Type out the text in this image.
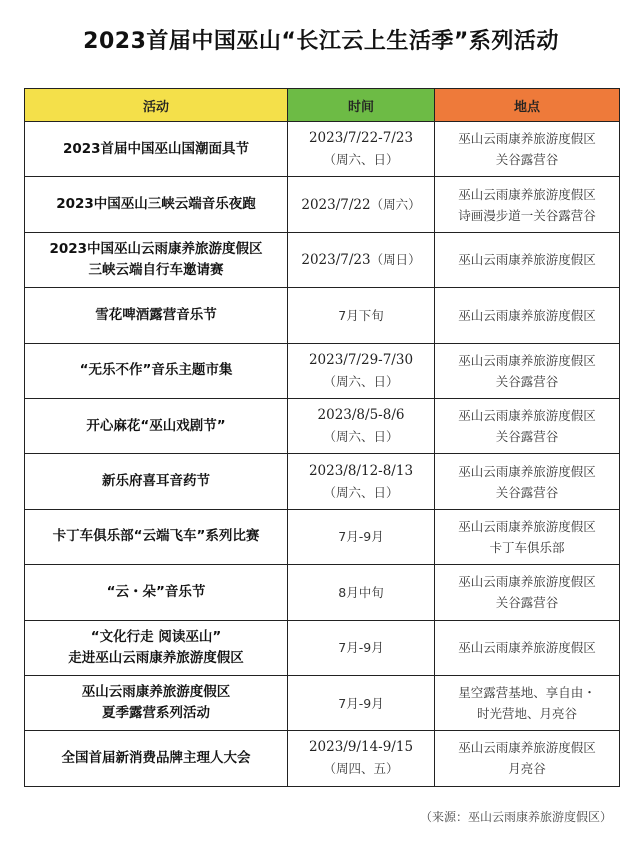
2023首届中国巫山“长江云上生活季”系列活动
活动	时间	地点

2023首届中国巫山国潮面具节	2023/7/22-7/23
（周六、日）	巫山云雨康养旅游度假区
关谷露营谷

2023中国巫山三峡云端音乐夜跑	2023/7/22（周六）	巫山云雨康养旅游度假区
诗画漫步道一关谷露营谷

2023中国巫山云雨康养旅游度假区
三峡云端自行车邀请赛	2023/7/23（周日）	巫山云雨康养旅游度假区

雪花啤酒露营音乐节	7月下旬	巫山云雨康养旅游度假区

“无乐不作”音乐主题市集	2023/7/29-7/30
（周六、日）	巫山云雨康养旅游度假区
关谷露营谷

开心麻花“巫山戏剧节”	2023/8/5-8/6
（周六、日）	巫山云雨康养旅游度假区
关谷露营谷

新乐府喜耳音药节	2023/8/12-8/13
（周六、日）	巫山云雨康养旅游度假区
关谷露营谷

卡丁车俱乐部“云端飞车”系列比赛	7月-9月	巫山云雨康养旅游度假区
卡丁车俱乐部

“云・朵”音乐节	8月中旬	巫山云雨康养旅游度假区
关谷露营谷

“文化行走 阅读巫山”
走进巫山云雨康养旅游度假区	7月-9月	巫山云雨康养旅游度假区

巫山云雨康养旅游度假区
夏季露营系列活动	7月-9月	星空露营基地、享自由・
时光营地、月亮谷

全国首届新消费品牌主理人大会	2023/9/14-9/15
（周四、五）	巫山云雨康养旅游度假区
月亮谷
（来源：巫山云雨康养旅游度假区）
